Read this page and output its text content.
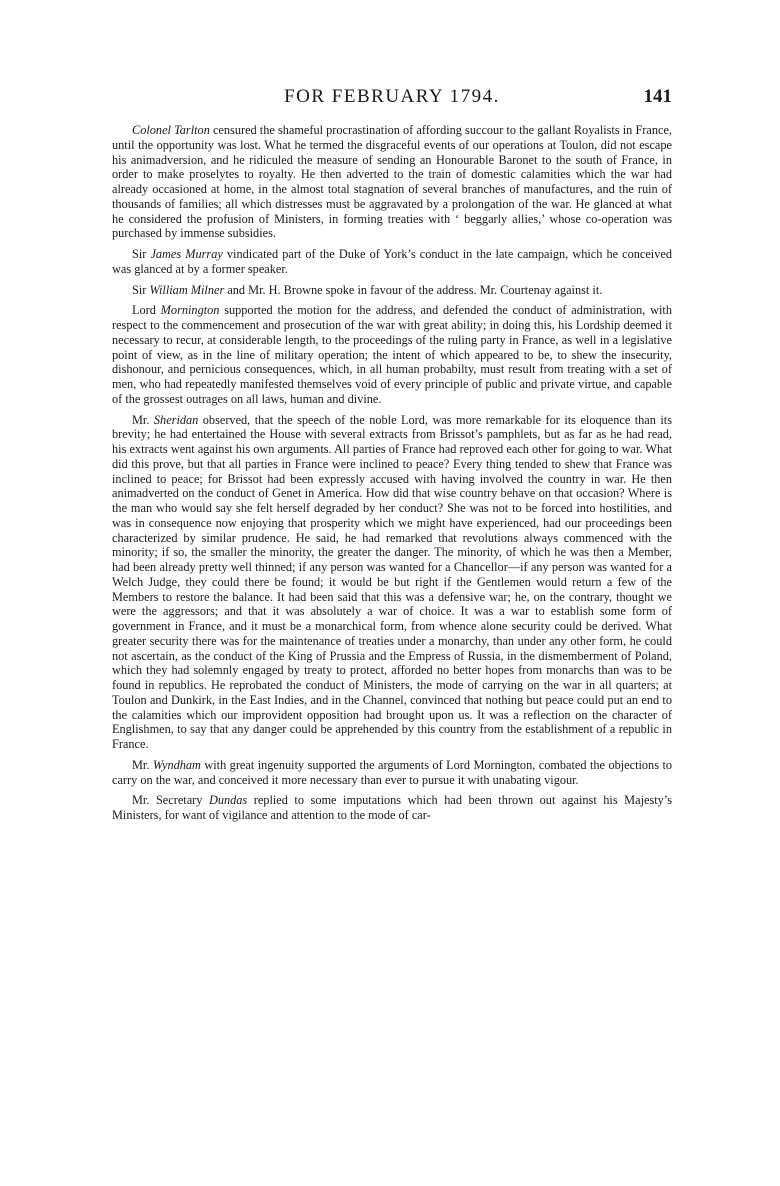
FOR FEBRUARY 1794.	141

Colonel Tarlton censured the shameful procrastination of affording succour to the gallant Royalists in France, until the opportunity was lost. What he termed the disgraceful events of our operations at Toulon, did not escape his animadversion, and he ridiculed the measure of sending an Honourable Baronet to the south of France, in order to make proselytes to royalty. He then adverted to the train of domestic calamities which the war had already occasioned at home, in the almost total stagnation of several branches of manufactures, and the ruin of thousands of families; all which distresses must be aggravated by a prolongation of the war. He glanced at what he considered the profusion of Ministers, in forming treaties with ‘ beggarly allies,’ whose co-operation was purchased by immense subsidies.

Sir James Murray vindicated part of the Duke of York’s conduct in the late campaign, which he conceived was glanced at by a former speaker.

Sir William Milner and Mr. H. Browne spoke in favour of the address. Mr. Courtenay against it.

Lord Mornington supported the motion for the address, and defended the conduct of administration, with respect to the commencement and prosecution of the war with great ability; in doing this, his Lordship deemed it necessary to recur, at considerable length, to the proceedings of the ruling party in France, as well in a legislative point of view, as in the line of military operation; the intent of which appeared to be, to shew the insecurity, dishonour, and pernicious consequences, which, in all human probabilty, must result from treating with a set of men, who had repeatedly manifested themselves void of every principle of public and private virtue, and capable of the grossest outrages on all laws, human and divine.

Mr. Sheridan observed, that the speech of the noble Lord, was more remarkable for its eloquence than its brevity; he had entertained the House with several extracts from Brissot’s pamphlets, but as far as he had read, his extracts went against his own arguments. All parties of France had reproved each other for going to war. What did this prove, but that all parties in France were inclined to peace? Every thing tended to shew that France was inclined to peace; for Brissot had been expressly accused with having involved the country in war. He then animadverted on the conduct of Genet in America. How did that wise country behave on that occasion? Where is the man who would say she felt herself degraded by her conduct? She was not to be forced into hostilities, and was in consequence now enjoying that prosperity which we might have experienced, had our proceedings been characterized by similar prudence. He said, he had remarked that revolutions always commenced with the minority; if so, the smaller the minority, the greater the danger. The minority, of which he was then a Member, had been already pretty well thinned; if any person was wanted for a Chancellor—if any person was wanted for a Welch Judge, they could there be found; it would be but right if the Gentlemen would return a few of the Members to restore the balance. It had been said that this was a defensive war; he, on the contrary, thought we were the aggressors; and that it was absolutely a war of choice. It was a war to establish some form of government in France, and it must be a monarchical form, from whence alone security could be derived. What greater security there was for the maintenance of treaties under a monarchy, than under any other form, he could not ascertain, as the conduct of the King of Prussia and the Empress of Russia, in the dismemberment of Poland, which they had solemnly engaged by treaty to protect, afforded no better hopes from monarchs than was to be found in republics. He reprobated the conduct of Ministers, the mode of carrying on the war in all quarters; at Toulon and Dunkirk, in the East Indies, and in the Channel, convinced that nothing but peace could put an end to the calamities which our improvident opposition had brought upon us. It was a reflection on the character of Englishmen, to say that any danger could be apprehended by this country from the establishment of a republic in France.

Mr. Wyndham with great ingenuity supported the arguments of Lord Mornington, combated the objections to carry on the war, and conceived it more necessary than ever to pursue it with unabating vigour.

Mr. Secretary Dundas replied to some imputations which had been thrown out against his Majesty’s Ministers, for want of vigilance and attention to the mode of car-
